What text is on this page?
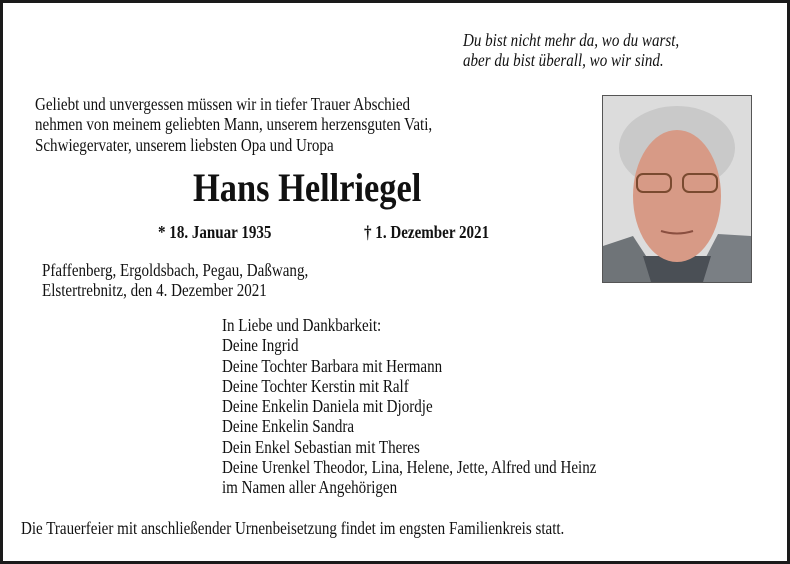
Du bist nicht mehr da, wo du warst,
aber du bist überall, wo wir sind.
Geliebt und unvergessen müssen wir in tiefer Trauer Abschied
nehmen von meinem geliebten Mann, unserem herzensguten Vati,
Schwiegervater, unserem liebsten Opa und Uropa
Hans Hellriegel
* 18. Januar 1935	† 1. Dezember 2021
Pfaffenberg, Ergoldsbach, Pegau, Daßwang,
Elstertrebnitz, den 4. Dezember 2021
In Liebe und Dankbarkeit:
Deine Ingrid
Deine Tochter Barbara mit Hermann
Deine Tochter Kerstin mit Ralf
Deine Enkelin Daniela mit Djordje
Deine Enkelin Sandra
Dein Enkel Sebastian mit Theres
Deine Urenkel Theodor, Lina, Helene, Jette, Alfred und Heinz
im Namen aller Angehörigen
Die Trauerfeier mit anschließender Urnenbeisetzung findet im engsten Familienkreis statt.
